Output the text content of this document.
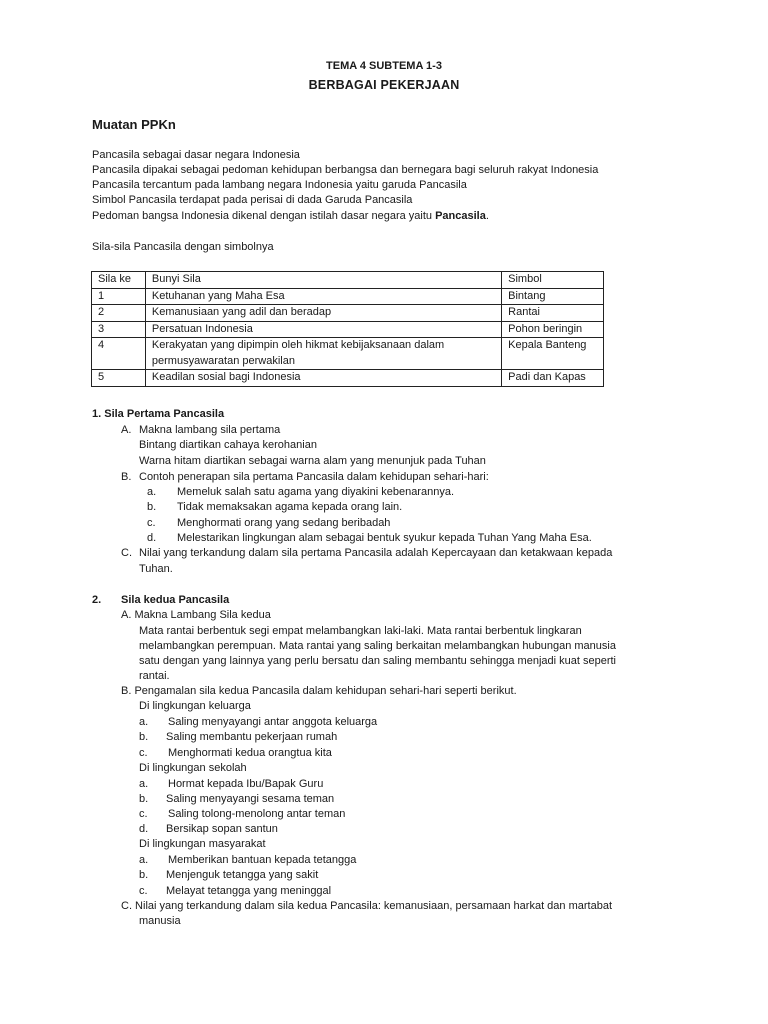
TEMA 4 SUBTEMA 1-3
BERBAGAI PEKERJAAN
Muatan PPKn
Pancasila sebagai dasar negara Indonesia
Pancasila dipakai sebagai pedoman kehidupan berbangsa dan bernegara bagi seluruh rakyat Indonesia
Pancasila tercantum pada lambang negara Indonesia yaitu garuda Pancasila
Simbol Pancasila terdapat pada perisai di dada Garuda Pancasila
Pedoman bangsa Indonesia dikenal dengan istilah dasar negara yaitu Pancasila.
Sila-sila Pancasila dengan simbolnya
Sila ke	Bunyi Sila	Simbol
1	Ketuhanan yang Maha Esa	Bintang
2	Kemanusiaan yang adil dan beradap	Rantai
3	Persatuan Indonesia	Pohon beringin
4	Kerakyatan yang dipimpin oleh hikmat kebijaksanaan dalam
permusyawaratan perwakilan	Kepala Banteng
5	Keadilan sosial bagi Indonesia	Padi dan Kapas
1. Sila Pertama Pancasila
A. Makna lambang sila pertama
Bintang diartikan cahaya kerohanian
Warna hitam diartikan sebagai warna alam yang menunjuk pada Tuhan
B. Contoh penerapan sila pertama Pancasila dalam kehidupan sehari-hari:
a. Memeluk salah satu agama yang diyakini kebenarannya.
b. Tidak memaksakan agama kepada orang lain.
c. Menghormati orang yang sedang beribadah
d. Melestarikan lingkungan alam sebagai bentuk syukur kepada Tuhan Yang Maha Esa.
C. Nilai yang terkandung dalam sila pertama Pancasila adalah Kepercayaan dan ketakwaan kepada
Tuhan.
2. Sila kedua Pancasila
A. Makna Lambang Sila kedua
Mata rantai berbentuk segi empat melambangkan laki-laki. Mata rantai berbentuk lingkaran
melambangkan perempuan. Mata rantai yang saling berkaitan melambangkan hubungan manusia
satu dengan yang lainnya yang perlu bersatu dan saling membantu sehingga menjadi kuat seperti
rantai.
B. Pengamalan sila kedua Pancasila dalam kehidupan sehari-hari seperti berikut.
Di lingkungan keluarga
a. Saling menyayangi antar anggota keluarga
b. Saling membantu pekerjaan rumah
c. Menghormati kedua orangtua kita
Di lingkungan sekolah
a. Hormat kepada Ibu/Bapak Guru
b. Saling menyayangi sesama teman
c. Saling tolong-menolong antar teman
d. Bersikap sopan santun
Di lingkungan masyarakat
a. Memberikan bantuan kepada tetangga
b. Menjenguk tetangga yang sakit
c. Melayat tetangga yang meninggal
C. Nilai yang terkandung dalam sila kedua Pancasila: kemanusiaan, persamaan harkat dan martabat
manusia
